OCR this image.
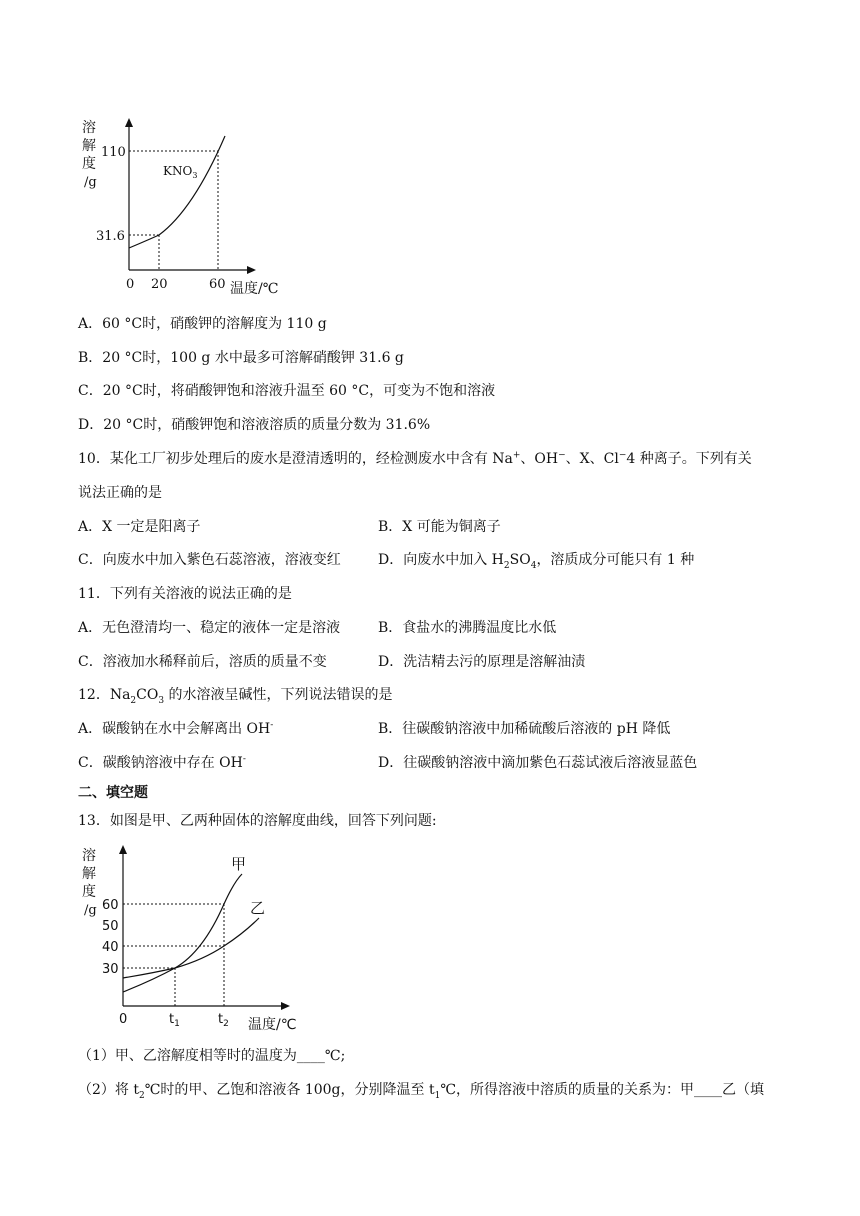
溶
解
度
/g
110
31.6
0 20	60 温度/℃
$KNO_3$
A．60 °C时，硝酸钾的溶解度为 110 g
B．20 °C时，100 g 水中最多可溶解硝酸钾 31.6 g
C．20 °C时，将硝酸钾饱和溶液升温至 60 °C，可变为不饱和溶液
D．20 °C时，硝酸钾饱和溶液溶质的质量分数为 31.6%
10．某化工厂初步处理后的废水是澄清透明的，经检测废水中含有 Na+、OH−、X、Cl−4 种离子。下列有关
说法正确的是
A．X 一定是阳离子	B．X 可能为铜离子
C．向废水中加入紫色石蕊溶液，溶液变红	D．向废水中加入 $H_2SO_4$，溶质成分可能只有 1 种
11．下列有关溶液的说法正确的是
A．无色澄清均一、稳定的液体一定是溶液	B．食盐水的沸腾温度比水低
C．溶液加水稀释前后，溶质的质量不变	D．洗洁精去污的原理是溶解油渍
12．$Na_2CO_3$ 的水溶液呈碱性，下列说法错误的是
A．碳酸钠在水中会解离出 OH-	B．往碳酸钠溶液中加稀硫酸后溶液的 pH 降低
C．碳酸钠溶液中存在 OH-	D．往碳酸钠溶液中滴加紫色石蕊试液后溶液显蓝色
二、填空题
13．如图是甲、乙两种固体的溶解度曲线，回答下列问题:
溶
解
度
/g
甲
乙
60
50
40
30
0	$t_1$	$t_2$ 温度/℃
（1）甲、乙溶解度相等时的温度为____℃;
（2）将 $t_2℃$时的甲、乙饱和溶液各 100g，分别降温至 $t_1℃$，所得溶液中溶质的质量的关系为：甲____乙（填
